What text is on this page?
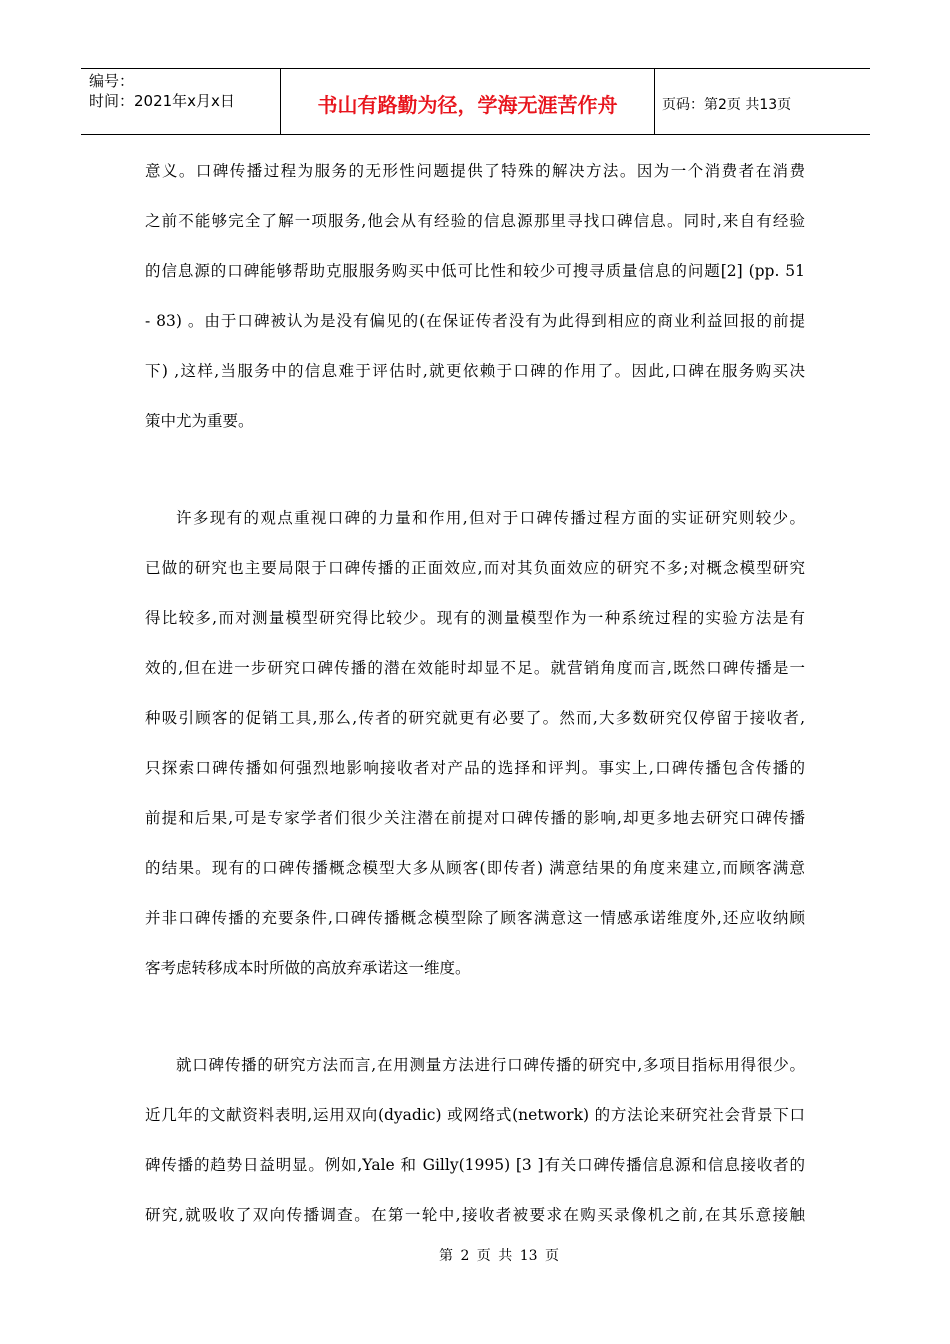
编号：
时间：2021年x月x日	书山有路勤为径，学海无涯苦作舟	页码：第2页 共13页
意义。口碑传播过程为服务的无形性问题提供了特殊的解决方法。因为一个消费者在消费
之前不能够完全了解一项服务,他会从有经验的信息源那里寻找口碑信息。同时,来自有经验
的信息源的口碑能够帮助克服服务购买中低可比性和较少可搜寻质量信息的问题[2] (pp. 51
- 83) 。由于口碑被认为是没有偏见的(在保证传者没有为此得到相应的商业利益回报的前提
下) ,这样,当服务中的信息难于评估时,就更依赖于口碑的作用了。因此,口碑在服务购买决
策中尤为重要。
许多现有的观点重视口碑的力量和作用,但对于口碑传播过程方面的实证研究则较少。
已做的研究也主要局限于口碑传播的正面效应,而对其负面效应的研究不多;对概念模型研究
得比较多,而对测量模型研究得比较少。现有的测量模型作为一种系统过程的实验方法是有
效的,但在进一步研究口碑传播的潜在效能时却显不足。就营销角度而言,既然口碑传播是一
种吸引顾客的促销工具,那么,传者的研究就更有必要了。然而,大多数研究仅停留于接收者,
只探索口碑传播如何强烈地影响接收者对产品的选择和评判。事实上,口碑传播包含传播的
前提和后果,可是专家学者们很少关注潜在前提对口碑传播的影响,却更多地去研究口碑传播
的结果。现有的口碑传播概念模型大多从顾客(即传者) 满意结果的角度来建立,而顾客满意
并非口碑传播的充要条件,口碑传播概念模型除了顾客满意这一情感承诺维度外,还应收纳顾
客考虑转移成本时所做的高放弃承诺这一维度。
就口碑传播的研究方法而言,在用测量方法进行口碑传播的研究中,多项目指标用得很少。
近几年的文献资料表明,运用双向(dyadic) 或网络式(network) 的方法论来研究社会背景下口
碑传播的趋势日益明显。例如,Yale 和 Gilly(1995) [3 ]有关口碑传播信息源和信息接收者的
研究,就吸收了双向传播调查。在第一轮中,接收者被要求在购买录像机之前,在其乐意接触
第 2 页 共 13 页
